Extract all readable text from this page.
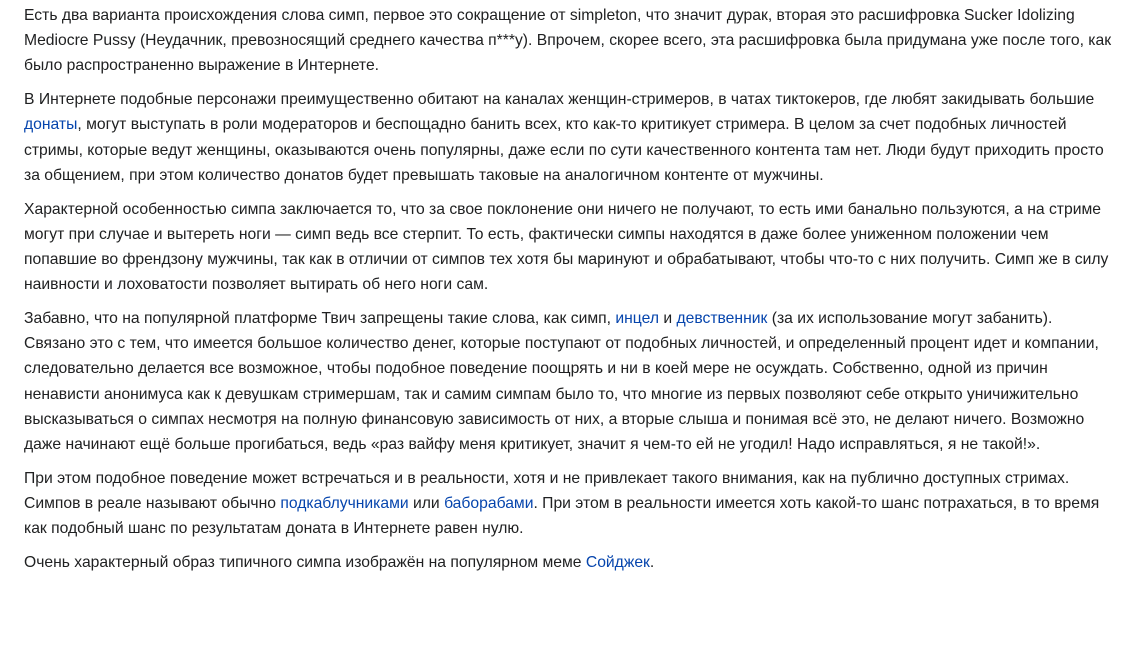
Есть два варианта происхождения слова симп, первое это сокращение от simpleton, что значит дурак, вторая это расшифровка Sucker Idolizing Mediocre Pussy (Неудачник, превозносящий среднего качества п***у). Впрочем, скорее всего, эта расшифровка была придумана уже после того, как было распространенно выражение в Интернете.

В Интернете подобные персонажи преимущественно обитают на каналах женщин-стримеров, в чатах тиктокеров, где любят закидывать большие донаты, могут выступать в роли модераторов и беспощадно банить всех, кто как-то критикует стримера. В целом за счет подобных личностей стримы, которые ведут женщины, оказываются очень популярны, даже если по сути качественного контента там нет. Люди будут приходить просто за общением, при этом количество донатов будет превышать таковые на аналогичном контенте от мужчины.

Характерной особенностью симпа заключается то, что за свое поклонение они ничего не получают, то есть ими банально пользуются, а на стриме могут при случае и вытереть ноги — симп ведь все стерпит. То есть, фактически симпы находятся в даже более униженном положении чем попавшие во френдзону мужчины, так как в отличии от симпов тех хотя бы маринуют и обрабатывают, чтобы что-то с них получить. Симп же в силу наивности и лоховатости позволяет вытирать об него ноги сам.

Забавно, что на популярной платформе Твич запрещены такие слова, как симп, инцел и девственник (за их использование могут забанить). Связано это с тем, что имеется большое количество денег, которые поступают от подобных личностей, и определенный процент идет и компании, следовательно делается все возможное, чтобы подобное поведение поощрять и ни в коей мере не осуждать. Собственно, одной из причин ненависти анонимуса как к девушкам стримершам, так и самим симпам было то, что многие из первых позволяют себе открыто уничижительно высказываться о симпах несмотря на полную финансовую зависимость от них, а вторые слыша и понимая всё это, не делают ничего. Возможно даже начинают ещё больше прогибаться, ведь «раз вайфу меня критикует, значит я чем-то ей не угодил! Надо исправляться, я не такой!».

При этом подобное поведение может встречаться и в реальности, хотя и не привлекает такого внимания, как на публично доступных стримах. Симпов в реале называют обычно подкаблучниками или баборабами. При этом в реальности имеется хоть какой-то шанс потрахаться, в то время как подобный шанс по результатам доната в Интернете равен нулю.

Очень характерный образ типичного симпа изображён на популярном меме Сойджек.
